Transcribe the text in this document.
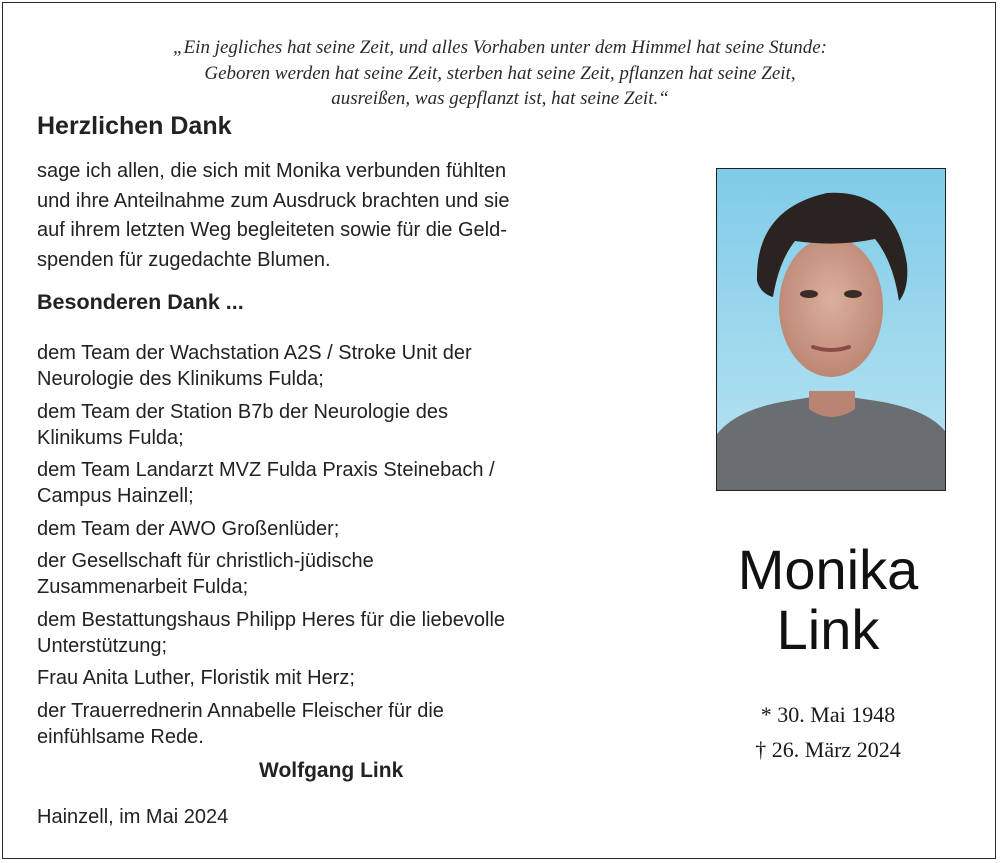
„Ein jegliches hat seine Zeit, und alles Vorhaben unter dem Himmel hat seine Stunde:
Geboren werden hat seine Zeit, sterben hat seine Zeit, pflanzen hat seine Zeit,
ausreißen, was gepflanzt ist, hat seine Zeit.“
Herzlichen Dank
sage ich allen, die sich mit Monika verbunden fühlten
und ihre Anteilnahme zum Ausdruck brachten und sie
auf ihrem letzten Weg begleiteten sowie für die Geld-
spenden für zugedachte Blumen.
Besonderen Dank ...
dem Team der Wachstation A2S / Stroke Unit der
Neurologie des Klinikums Fulda;
dem Team der Station B7b der Neurologie des
Klinikums Fulda;
dem Team Landarzt MVZ Fulda Praxis Steinebach /
Campus Hainzell;
dem Team der AWO Großenlüder;
der Gesellschaft für christlich-jüdische
Zusammenarbeit Fulda;
dem Bestattungshaus Philipp Heres für die liebevolle
Unterstützung;
Frau Anita Luther, Floristik mit Herz;
der Trauerrednerin Annabelle Fleischer für die
einfühlsame Rede.
Wolfgang Link
Hainzell, im Mai 2024
Monika
Link
* 30. Mai 1948
† 26. März 2024
